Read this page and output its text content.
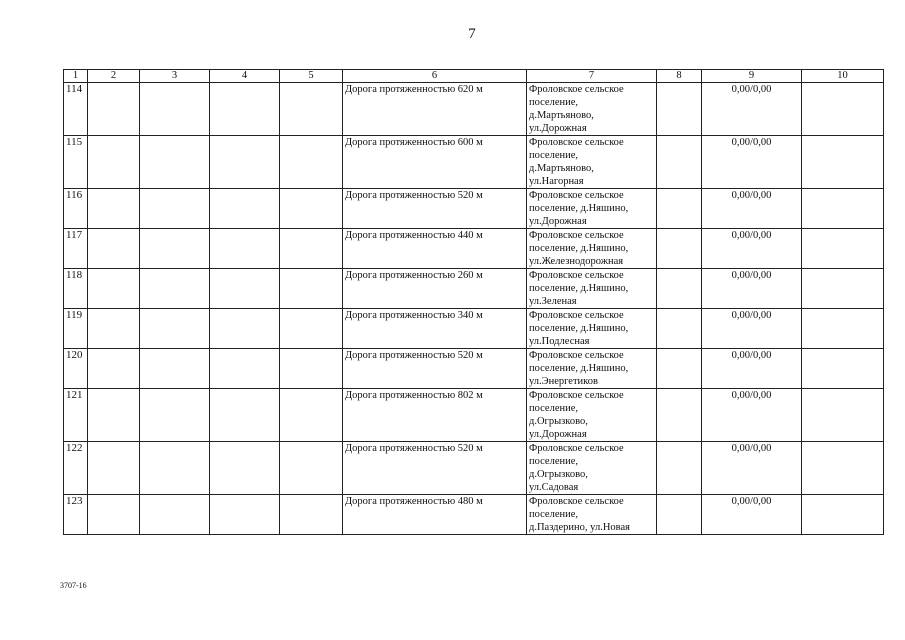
7
1	2	3	4	5	6	7	8	9	10
114					Дорога протяженностью 620 м	Фроловское сельское
поселение,
д.Мартьяново,
ул.Дорожная		0,00/0,00	
115					Дорога протяженностью 600 м	Фроловское сельское
поселение,
д.Мартьяново,
ул.Нагорная		0,00/0,00	
116					Дорога протяженностью 520 м	Фроловское сельское
поселение, д.Няшино,
ул.Дорожная		0,00/0,00	
117					Дорога протяженностью 440 м	Фроловское сельское
поселение, д.Няшино,
ул.Железнодорожная		0,00/0,00	
118					Дорога протяженностью 260 м	Фроловское сельское
поселение, д.Няшино,
ул.Зеленая		0,00/0,00	
119					Дорога протяженностью 340 м	Фроловское сельское
поселение, д.Няшино,
ул.Подлесная		0,00/0,00	
120					Дорога протяженностью 520 м	Фроловское сельское
поселение, д.Няшино,
ул.Энергетиков		0,00/0,00	
121					Дорога протяженностью 802 м	Фроловское сельское
поселение,
д.Огрызково,
ул.Дорожная		0,00/0,00	
122					Дорога протяженностью 520 м	Фроловское сельское
поселение,
д.Огрызково,
ул.Садовая		0,00/0,00	
123					Дорога протяженностью 480 м	Фроловское сельское
поселение,
д.Паздерино, ул.Новая		0,00/0,00	
3707-16
